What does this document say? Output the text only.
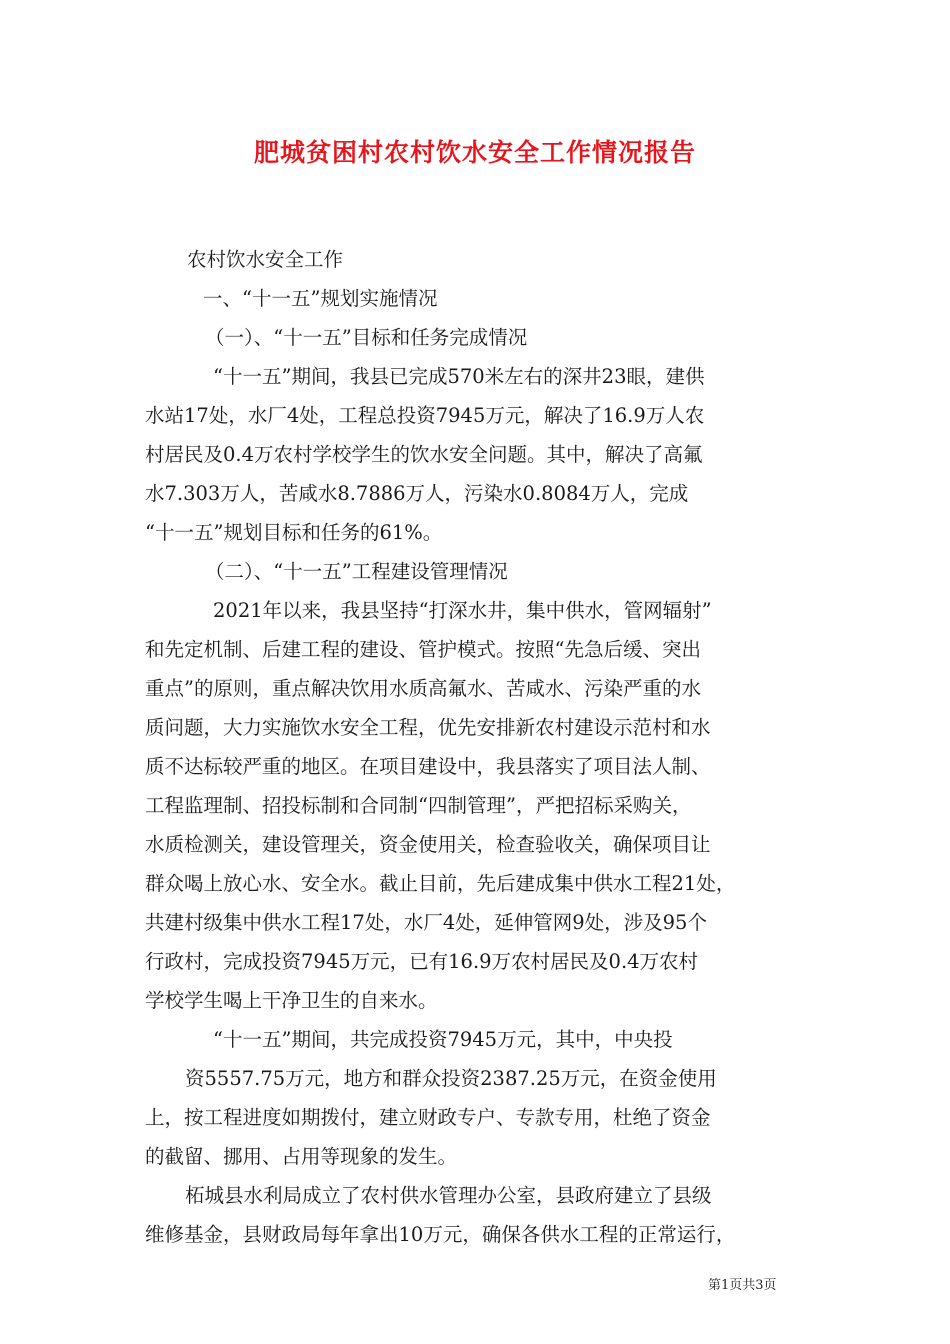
肥城贫困村农村饮水安全工作情况报告
农村饮水安全工作
一、“十一五”规划实施情况
（一）、“十一五”目标和任务完成情况
“十一五”期间，我县已完成570米左右的深井23眼，建供
水站17处，水厂4处，工程总投资7945万元，解决了16.9万人农
村居民及0.4万农村学校学生的饮水安全问题。其中，解决了高氟
水7.303万人，苦咸水8.7886万人，污染水0.8084万人，完成
“十一五”规划目标和任务的61%。
（二）、“十一五”工程建设管理情况
2021年以来，我县坚持“打深水井，集中供水，管网辐射”
和先定机制、后建工程的建设、管护模式。按照“先急后缓、突出
重点”的原则，重点解决饮用水质高氟水、苦咸水、污染严重的水
质问题，大力实施饮水安全工程，优先安排新农村建设示范村和水
质不达标较严重的地区。在项目建设中，我县落实了项目法人制、
工程监理制、招投标制和合同制“四制管理”，严把招标采购关，
水质检测关，建设管理关，资金使用关，检查验收关，确保项目让
群众喝上放心水、安全水。截止目前，先后建成集中供水工程21处，
共建村级集中供水工程17处，水厂4处，延伸管网9处，涉及95个
行政村，完成投资7945万元，已有16.9万农村居民及0.4万农村
学校学生喝上干净卫生的自来水。
“十一五”期间，共完成投资7945万元，其中，中央投
资5557.75万元，地方和群众投资2387.25万元，在资金使用
上，按工程进度如期拨付，建立财政专户、专款专用，杜绝了资金
的截留、挪用、占用等现象的发生。
柘城县水利局成立了农村供水管理办公室，县政府建立了县级
维修基金，县财政局每年拿出10万元，确保各供水工程的正常运行，
第1页共3页
